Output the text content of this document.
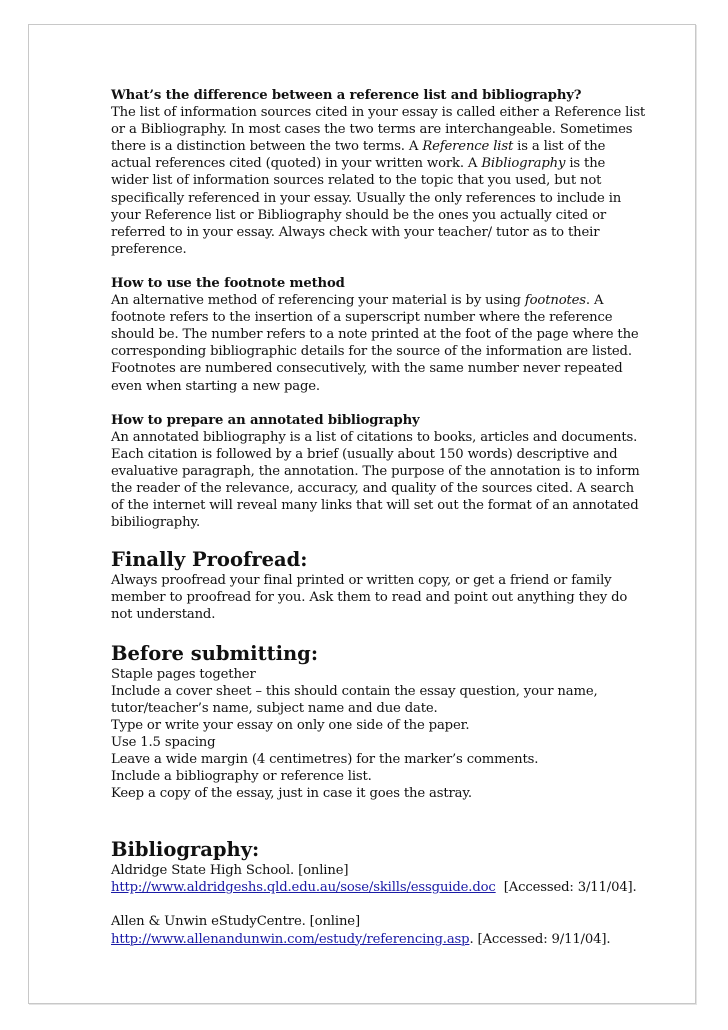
What’s the difference between a reference list and bibliography?
The list of information sources cited in your essay is called either a Reference list or a Bibliography. In most cases the two terms are interchangeable. Sometimes there is a distinction between the two terms. A Reference list is a list of the actual references cited (quoted) in your written work. A Bibliography is the wider list of information sources related to the topic that you used, but not specifically referenced in your essay. Usually the only references to include in your Reference list or Bibliography should be the ones you actually cited or referred to in your essay. Always check with your teacher/ tutor as to their preference.
How to use the footnote method
An alternative method of referencing your material is by using footnotes. A footnote refers to the insertion of a superscript number where the reference should be. The number refers to a note printed at the foot of the page where the corresponding bibliographic details for the source of the information are listed. Footnotes are numbered consecutively, with the same number never repeated even when starting a new page.
How to prepare an annotated bibliography
An annotated bibliography is a list of citations to books, articles and documents. Each citation is followed by a brief (usually about 150 words) descriptive and evaluative paragraph, the annotation. The purpose of the annotation is to inform the reader of the relevance, accuracy, and quality of the sources cited. A search of the internet will reveal many links that will set out the format of an annotated bibiliography.
Finally Proofread:
Always proofread your final printed or written copy, or get a friend or family member to proofread for you. Ask them to read and point out anything they do not understand.
Before submitting:
Staple pages together
Include a cover sheet – this should contain the essay question, your name, tutor/teacher’s name, subject name and due date.
Type or write your essay on only one side of the paper.
Use 1.5 spacing
Leave a wide margin (4 centimetres) for the marker’s comments.
Include a bibliography or reference list.
Keep a copy of the essay, just in case it goes the astray.
Bibliography:
Aldridge State High School. [online]
http://www.aldridgeshs.qld.edu.au/sose/skills/essguide.doc  [Accessed: 3/11/04].
Allen & Unwin eStudyCentre. [online]
http://www.allenandunwin.com/estudy/referencing.asp. [Accessed: 9/11/04].
